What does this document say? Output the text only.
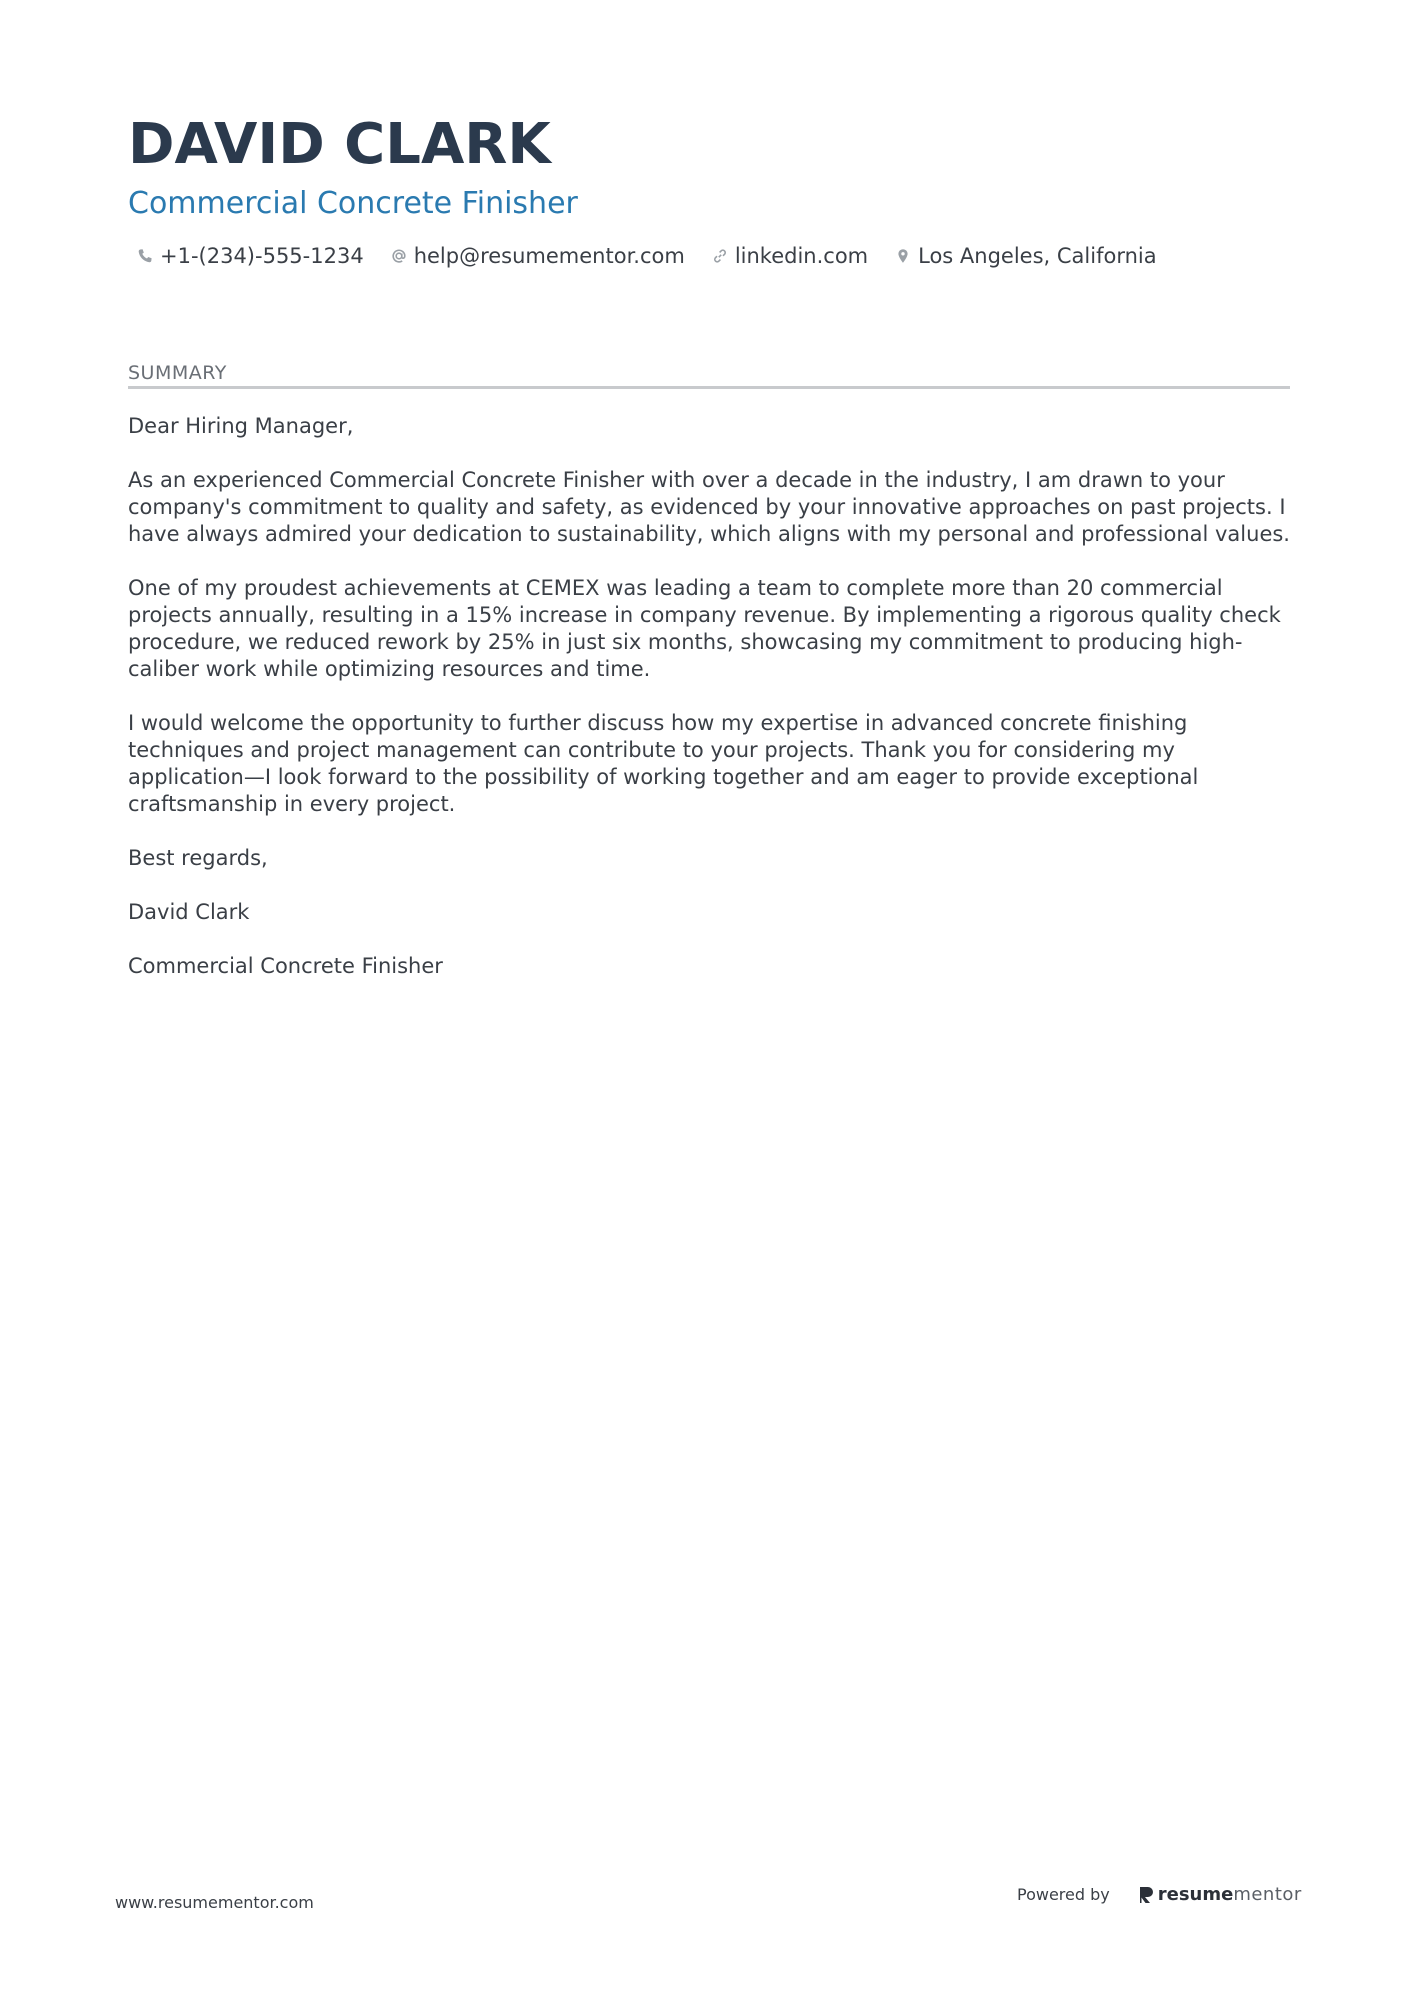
DAVID CLARK
Commercial Concrete Finisher
+1-(234)-555-1234 help@resumementor.com linkedin.com Los Angeles, California
SUMMARY

Dear Hiring Manager,

As an experienced Commercial Concrete Finisher with over a decade in the industry, I am drawn to your company's commitment to quality and safety, as evidenced by your innovative approaches on past projects. I have always admired your dedication to sustainability, which aligns with my personal and professional values.

One of my proudest achievements at CEMEX was leading a team to complete more than 20 commercial projects annually, resulting in a 15% increase in company revenue. By implementing a rigorous quality check procedure, we reduced rework by 25% in just six months, showcasing my commitment to producing high-caliber work while optimizing resources and time.

I would welcome the opportunity to further discuss how my expertise in advanced concrete finishing techniques and project management can contribute to your projects. Thank you for considering my application—I look forward to the possibility of working together and am eager to provide exceptional craftsmanship in every project.

Best regards,

David Clark

Commercial Concrete Finisher

www.resumementor.com	Powered by	resume mentor
